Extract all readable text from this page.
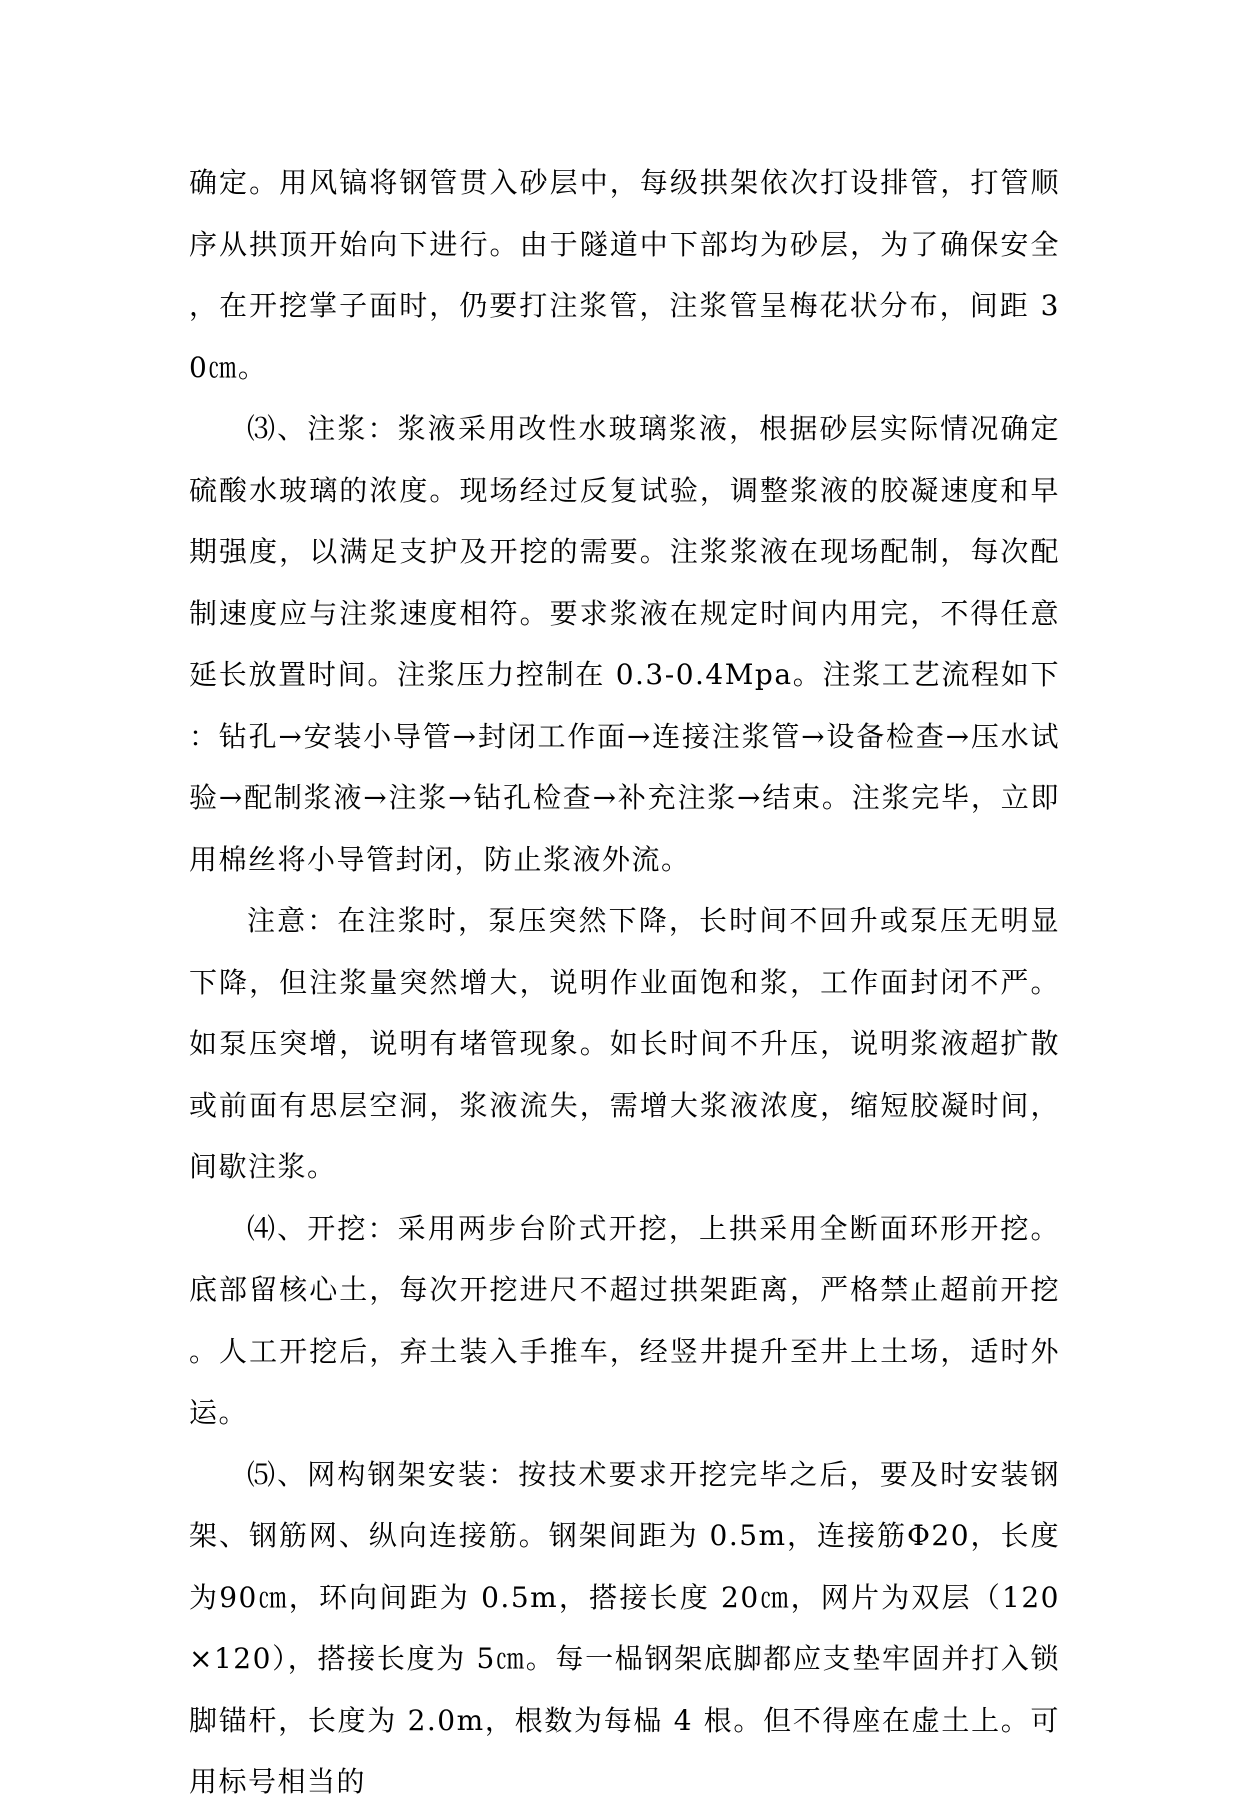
确定。用风镐将钢管贯入砂层中，每级拱架依次打设排管，打管顺序从拱顶开始向下进行。由于隧道中下部均为砂层，为了确保安全，在开挖掌子面时，仍要打注浆管，注浆管呈梅花状分布，间距 30㎝。

⑶、注浆：浆液采用改性水玻璃浆液，根据砂层实际情况确定硫酸水玻璃的浓度。现场经过反复试验，调整浆液的胶凝速度和早期强度，以满足支护及开挖的需要。注浆浆液在现场配制，每次配制速度应与注浆速度相符。要求浆液在规定时间内用完，不得任意延长放置时间。注浆压力控制在 0.3-0.4Mpa。注浆工艺流程如下：钻孔→安装小导管→封闭工作面→连接注浆管→设备检查→压水试验→配制浆液→注浆→钻孔检查→补充注浆→结束。注浆完毕，立即用棉丝将小导管封闭，防止浆液外流。

注意：在注浆时，泵压突然下降，长时间不回升或泵压无明显下降，但注浆量突然增大，说明作业面饱和浆，工作面封闭不严。如泵压突增，说明有堵管现象。如长时间不升压，说明浆液超扩散或前面有思层空洞，浆液流失，需增大浆液浓度，缩短胶凝时间，间歇注浆。

⑷、开挖：采用两步台阶式开挖，上拱采用全断面环形开挖。底部留核心土，每次开挖进尺不超过拱架距离，严格禁止超前开挖。人工开挖后，弃土装入手推车，经竖井提升至井上土场，适时外运。

⑸、网构钢架安装：按技术要求开挖完毕之后，要及时安装钢架、钢筋网、纵向连接筋。钢架间距为 0.5m，连接筋Φ20，长度为90㎝，环向间距为 0.5m，搭接长度 20㎝，网片为双层（120×120），搭接长度为 5㎝。每一榀钢架底脚都应支垫牢固并打入锁脚锚杆，长度为 2.0m，根数为每榀 4 根。但不得座在虚土上。可用标号相当的
